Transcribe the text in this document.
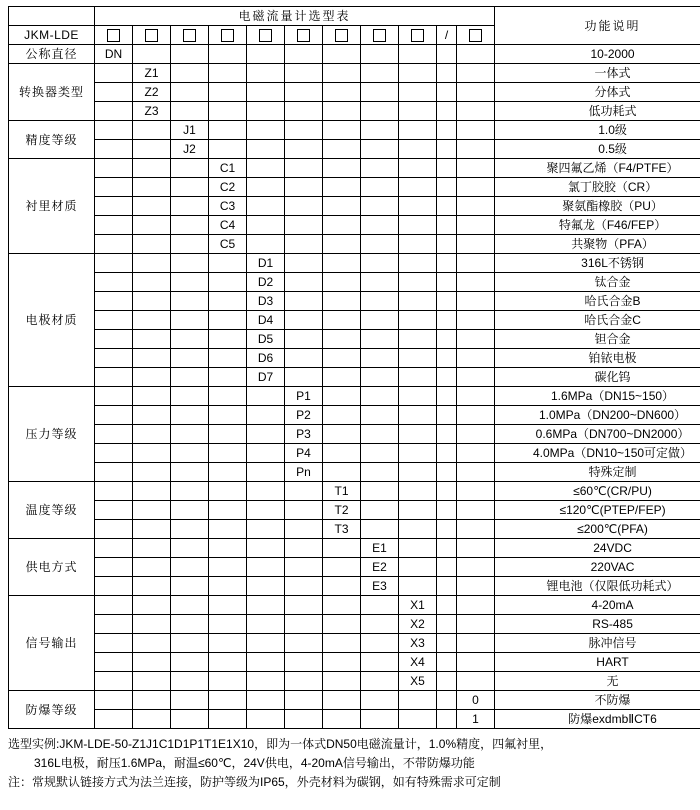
	电磁流量计选型表											功能说明
JKM-LDE										/		
公称直径	DN											10-2000
转换器类型		Z1										一体式
		Z2										分体式
		Z3										低功耗式
精度等级			J1									1.0级
			J2									0.5级
衬里材质				C1								聚四氟乙烯（F4/PTFE）
				C2								氯丁胶胶（CR）
				C3								聚氨酯橡胶（PU）
				C4								特氟龙（F46/FEP）
				C5								共聚物（PFA）
电极材质					D1							316L不锈钢
					D2							钛合金
					D3							哈氏合金B
					D4							哈氏合金C
					D5							钽合金
					D6							铂铱电极
					D7							碳化钨
压力等级						P1						1.6MPa（DN15~150）
						P2						1.0MPa（DN200~DN600）
						P3						0.6MPa（DN700~DN2000）
						P4						4.0MPa（DN10~150可定做）
						Pn						特殊定制
温度等级							T1					≤60℃(CR/PU)
							T2					≤120℃(PTEP/FEP)
							T3					≤200℃(PFA)
供电方式								E1				24VDC
								E2				220VAC
								E3				锂电池（仅限低功耗式）
信号输出									X1			4-20mA
									X2			RS-485
									X3			脉冲信号
									X4			HART
									X5			无
防爆等级											0	不防爆
											1	防爆exdmbⅡCT6
选型实例:JKM-LDE-50-Z1J1C1D1P1T1E1X10，即为一体式DN50电磁流量计，1.0%精度，四氟衬里，
316L电极，耐压1.6MPa，耐温≤60℃，24V供电，4-20mA信号输出，不带防爆功能
注：常规默认链接方式为法兰连接，防护等级为IP65，外壳材料为碳钢，如有特殊需求可定制
